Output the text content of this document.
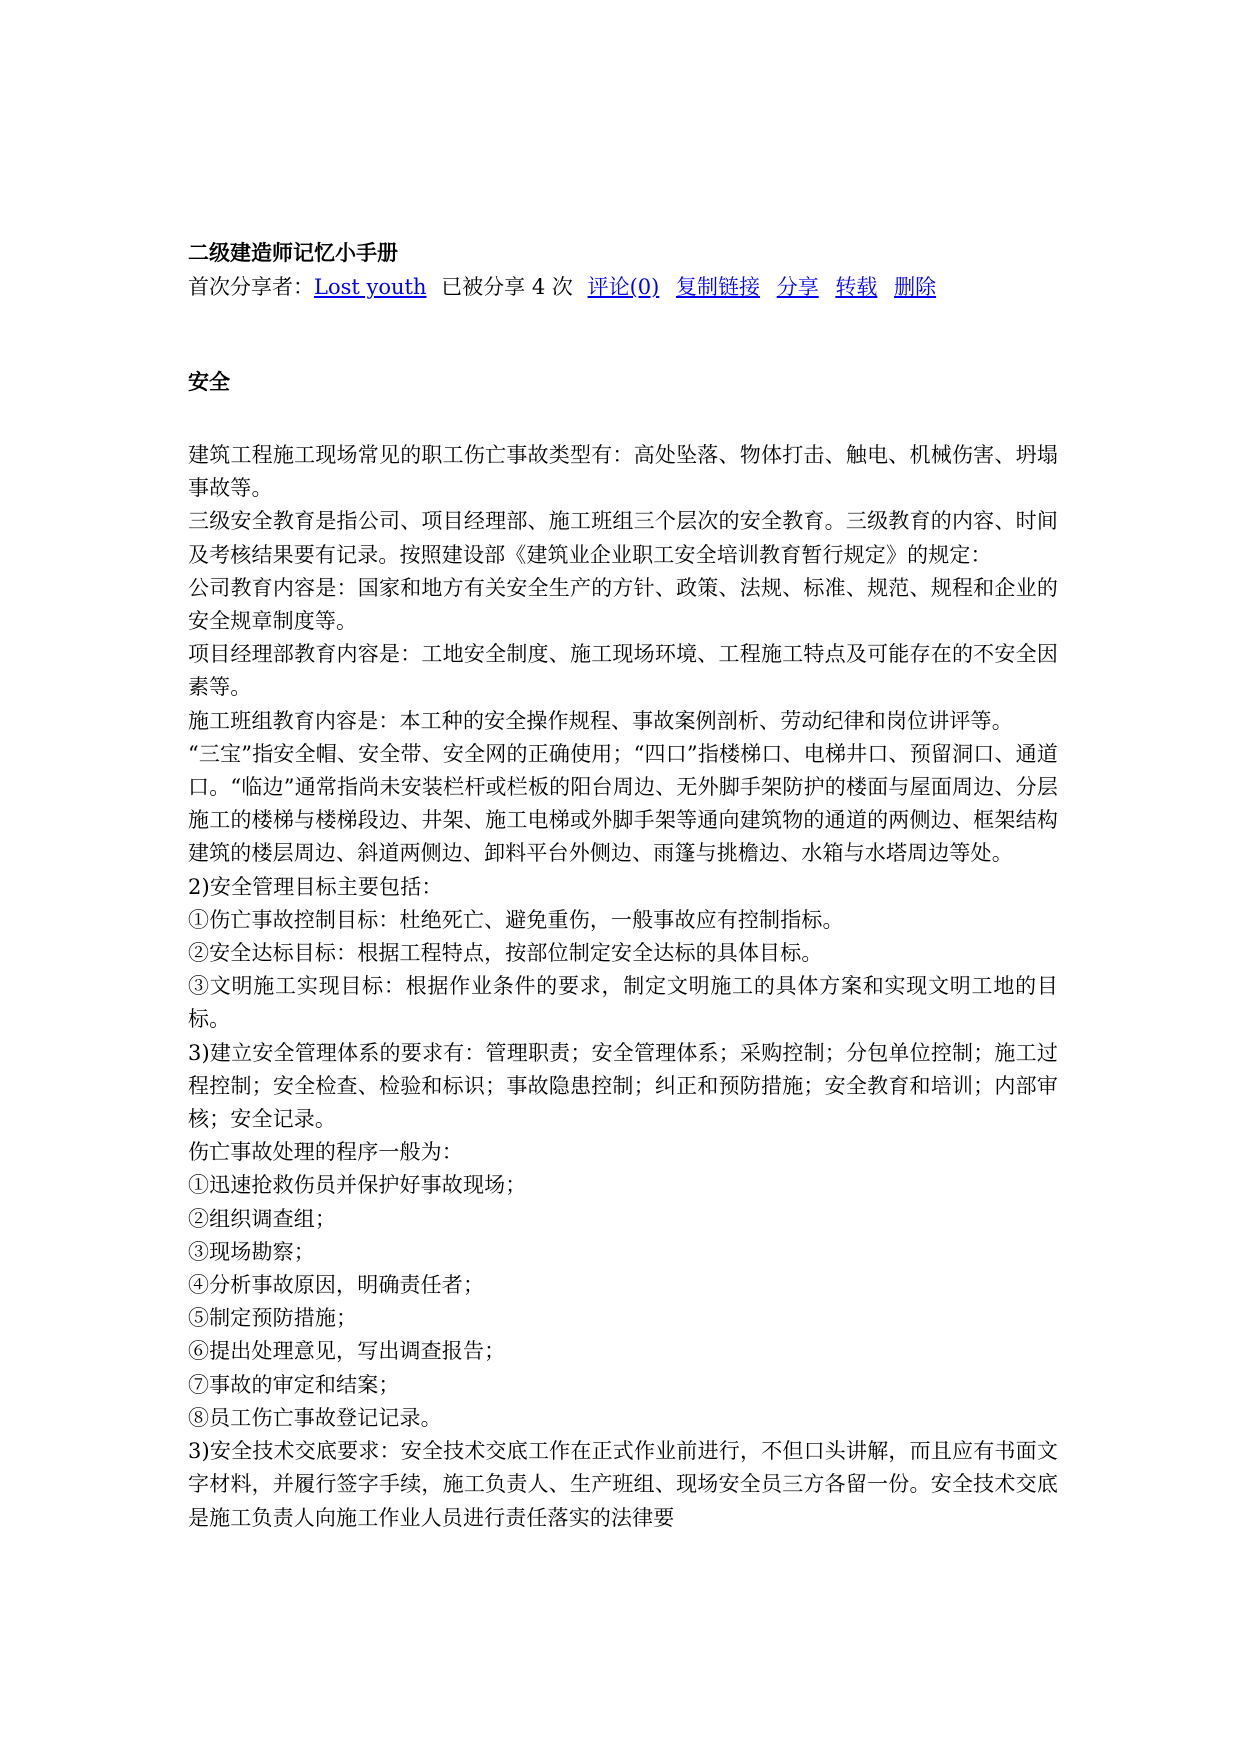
二级建造师记忆小手册
首次分享者：Lost youth 已被分享 4 次 评论(0) 复制链接 分享 转载 删除
安全

建筑工程施工现场常见的职工伤亡事故类型有：高处坠落、物体打击、触电、机械伤害、坍塌事故等。

三级安全教育是指公司、项目经理部、施工班组三个层次的安全教育。三级教育的内容、时间及考核结果要有记录。按照建设部《建筑业企业职工安全培训教育暂行规定》的规定：

公司教育内容是：国家和地方有关安全生产的方针、政策、法规、标准、规范、规程和企业的安全规章制度等。

项目经理部教育内容是：工地安全制度、施工现场环境、工程施工特点及可能存在的不安全因素等。

施工班组教育内容是：本工种的安全操作规程、事故案例剖析、劳动纪律和岗位讲评等。

“三宝”指安全帽、安全带、安全网的正确使用；“四口”指楼梯口、电梯井口、预留洞口、通道口。“临边”通常指尚未安装栏杆或栏板的阳台周边、无外脚手架防护的楼面与屋面周边、分层施工的楼梯与楼梯段边、井架、施工电梯或外脚手架等通向建筑物的通道的两侧边、框架结构建筑的楼层周边、斜道两侧边、卸料平台外侧边、雨篷与挑檐边、水箱与水塔周边等处。

2)安全管理目标主要包括：

①伤亡事故控制目标：杜绝死亡、避免重伤，一般事故应有控制指标。

②安全达标目标：根据工程特点，按部位制定安全达标的具体目标。

③文明施工实现目标：根据作业条件的要求，制定文明施工的具体方案和实现文明工地的目标。

3)建立安全管理体系的要求有：管理职责；安全管理体系；采购控制；分包单位控制；施工过程控制；安全检查、检验和标识；事故隐患控制；纠正和预防措施；安全教育和培训；内部审核；安全记录。

伤亡事故处理的程序一般为：

①迅速抢救伤员并保护好事故现场；

②组织调查组；

③现场勘察；

④分析事故原因，明确责任者；

⑤制定预防措施；

⑥提出处理意见，写出调查报告；

⑦事故的审定和结案；

⑧员工伤亡事故登记记录。

3)安全技术交底要求：安全技术交底工作在正式作业前进行，不但口头讲解，而且应有书面文字材料，并履行签字手续，施工负责人、生产班组、现场安全员三方各留一份。安全技术交底是施工负责人向施工作业人员进行责任落实的法律要
